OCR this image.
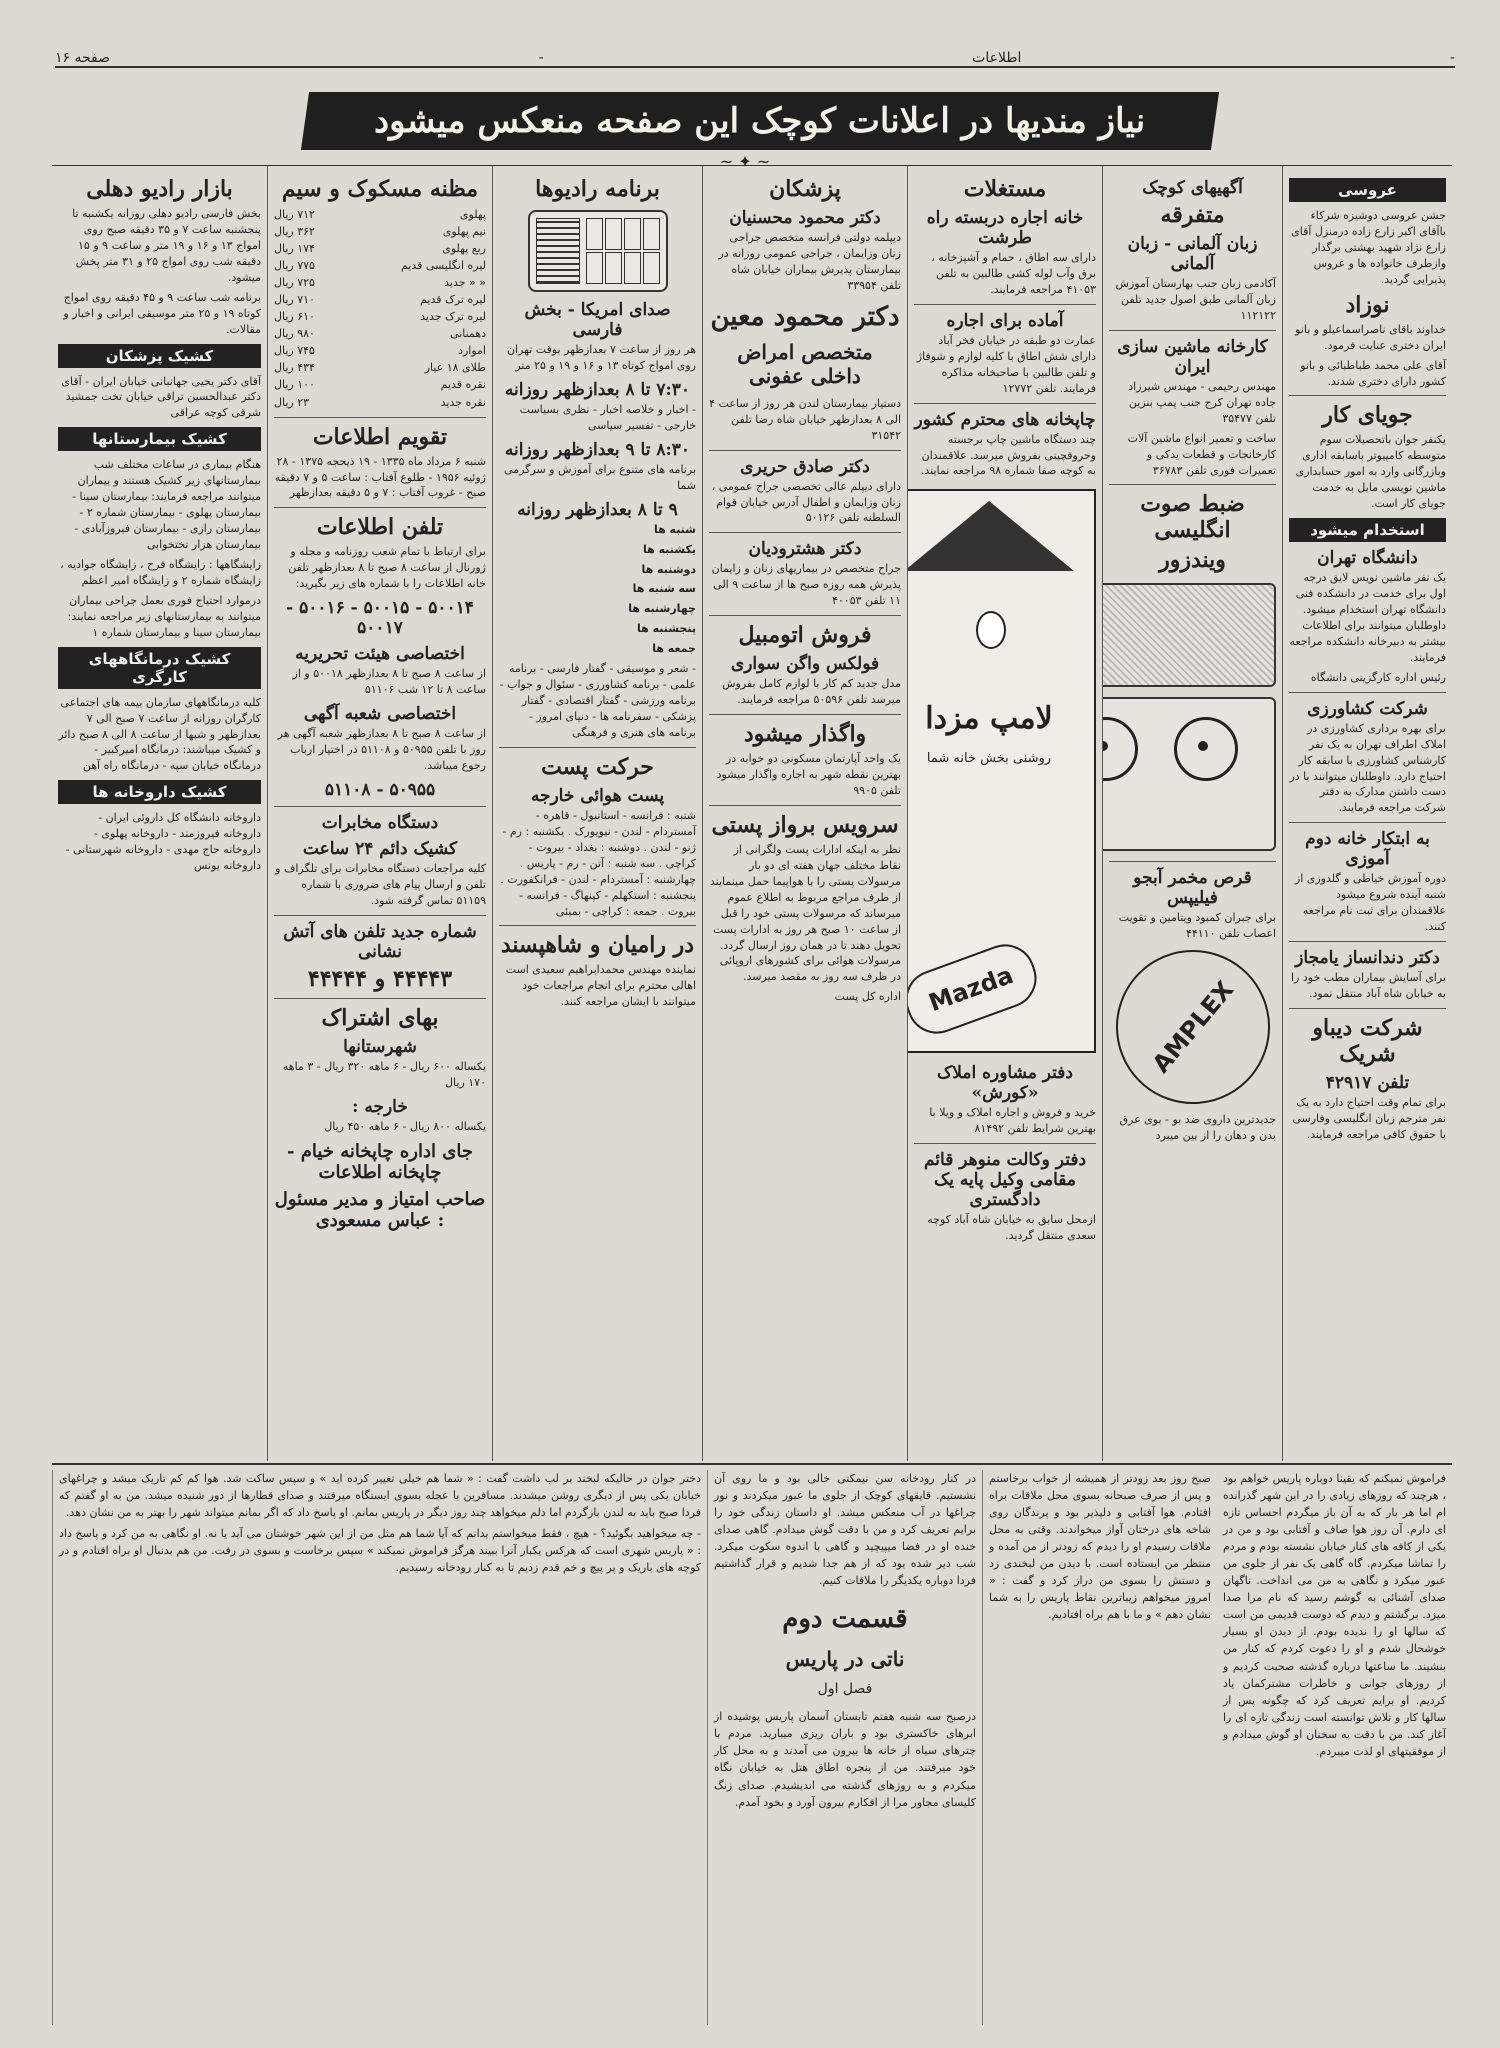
صفحه ۱۶	-	اطلاعات	-
نیاز مندیها در اعلانات کوچک این صفحه منعکس میشود
~ ✦ ~
عروسی

جشن عروسی دوشیزه شرکاء باآقای اکبر زارع زاده درمنزل آقای زارع نژاد شهید بهشتی برگذار وازطرف خانواده ها و عروس پذیرایی گردید.

نوزاد

خداوند باقای ناصراسماعیلو و بانو ایران دختری عنایت فرمود.

آقای علی محمد طباطبائی و بانو کشور دارای دختری شدند.

جویای کار

یکنفر جوان باتحصیلات سوم متوسطه کامپیوتر باسابقه اداری وبازرگانی وارد به امور حسابداری ماشین نویسی مایل به خدمت جویای کار است.

استخدام میشود
دانشگاه تهران

یک نفر ماشین نویس لایق درجه اول برای خدمت در دانشکده فنی دانشگاه تهران استخدام میشود. داوطلبان میتوانند برای اطلاعات بیشتر به دبیرخانه دانشکده مراجعه فرمایند.

رئیس اداره کارگزینی دانشگاه

شرکت کشاورزی

برای بهره برداری کشاورزی در املاک اطراف تهران به یک نفر کارشناس کشاورزی با سابقه کار احتیاج دارد. داوطلبان میتوانند با در دست داشتن مدارک به دفتر شرکت مراجعه فرمایند.

به ابتکار خانه دوم آموزی

دوره آموزش خیاطی و گلدوزی از شنبه آینده شروع میشود علاقمندان برای ثبت نام مراجعه کنند.

دکتر دندانساز یامجاز

برای آسایش بیماران مطب خود را به خیابان شاه آباد منتقل نمود.

شرکت دیباو شریک
تلفن ۴۲۹۱۷

برای تمام وقت احتیاج دارد به یک نفر مترجم زبان انگلیسی وفارسی با حقوق کافی مراجعه فرمایند.

آگهیهای کوچک
متفرقه
زبان آلمانی - زبان آلمانی

آکادمی زبان جنب بهارستان آموزش زبان آلمانی طبق اصول جدید تلفن ۱۱۲۱۲۲

کارخانه ماشین سازی ایران

مهندس رحیمی - مهندس شیرزاد جاده تهران کرج جنب پمپ بنزین تلفن ۳۵۴۷۷

ساخت و تعمیر انواع ماشین آلات کارخانجات و قطعات یدکی و تعمیرات فوری تلفن ۳۶۷۸۳

ضبط صوت انگلیسی
ویندزور
قرص مخمر آبجو فیلیپس

برای جبران کمبود ویتامین و تقویت اعصاب تلفن ۴۴۱۱۰

AMPLEX

جدیدترین داروی ضد بو - بوی عرق بدن و دهان را از بین میبرد

مستغلات
خانه اجاره دربسته راه طرشت

دارای سه اطاق ، حمام و آشپزخانه ، برق وآب لوله کشی طالبین به تلفن ۴۱۰۵۳ مراجعه فرمایند.

آماده برای اجاره

عمارت دو طبقه در خیابان فخر آباد دارای شش اطاق با کلیه لوازم و شوفاژ و تلفن طالبین با صاحبخانه مذاکره فرمایند. تلفن ۱۲۷۷۲

چاپخانه های محترم کشور

چند دستگاه ماشین چاپ برجسته وحروفچینی بفروش میرسد. علاقمندان به کوچه صفا شماره ۹۸ مراجعه نمایند.

لامپ مزدا
روشنی بخش خانه شما
Mazda
دفتر مشاوره املاک «کورش»

خرید و فروش و اجاره املاک و ویلا با بهترین شرایط تلفن ۸۱۴۹۲

دفتر وکالت منوهر قائم مقامی وکیل پایه یک دادگستری

ازمحل سابق به خیابان شاه آباد کوچه سعدی منتقل گردید.

پزشکان
دکتر محمود محسنیان

دیپلمه دولتی فرانسه متخصص جراحی زنان وزایمان ، جراحی عمومی روزانه در بیمارستان پذیرش بیماران خیابان شاه تلفن ۳۳۹۵۴

دکتر محمود معین
متخصص امراض داخلی عفونی

دستیار بیمارستان لندن هر روز از ساعت ۴ الی ۸ بعدازظهر خیابان شاه رضا تلفن ۳۱۵۴۲

دکتر صادق حریری

دارای دیپلم عالی تخصصی جراح عمومی ، زنان وزایمان و اطفال آدرس خیابان قوام السلطنه تلفن ۵۰۱۲۶

دکتر هشترودیان

جراح متخصص در بیماریهای زنان و زایمان پذیرش همه روزه صبح ها از ساعت ۹ الی ۱۱ تلفن ۴۰۰۵۳

فروش اتومبیل
فولکس واگن سواری

مدل جدید کم کار با لوازم کامل بفروش میرسد تلفن ۵۰۵۹۶ مراجعه فرمایند.

واگذار میشود

یک واحد آپارتمان مسکونی دو خوابه در بهترین نقطه شهر به اجاره واگذار میشود تلفن ۹۹۰۵

سرویس برواز پستی

نظر به اینکه ادارات پست ولگرانی از نقاط مختلف جهان هفته ای دو بار مرسولات پستی را با هواپیما حمل مینمایند از طرف مراجع مربوط به اطلاع عموم میرساند که مرسولات پستی خود را قبل از ساعت ۱۰ صبح هر روز به ادارات پست تحویل دهند تا در همان روز ارسال گردد. مرسولات هوائی برای کشورهای اروپائی در ظرف سه روز به مقصد میرسد.

اداره کل پست

برنامه رادیوها
صدای امریکا - بخش فارسی

هر روز از ساعت ۷ بعدازظهر بوقت تهران روی امواج کوتاه ۱۳ و ۱۶ و ۱۹ و ۲۵ متر

۷:۳۰ تا ۸ بعدازظهر روزانه

- اخبار و خلاصه اخبار - نظری بسیاست خارجی - تفسیر سیاسی

۸:۳۰ تا ۹ بعدازظهر روزانه

برنامه های متنوع برای آموزش و سرگرمی شما

۹ تا ۸ بعدازظهر روزانه

شنبه ها

یکشنبه ها

دوشنبه ها

سه شنبه ها

چهارشنبه ها

پنجشنبه ها

جمعه ها

- شعر و موسیقی - گفتار فارسی - برنامه علمی - برنامه کشاورزی - سئوال و جواب - برنامه ورزشی - گفتار اقتصادی - گفتار پزشکی - سفرنامه ها - دنیای امروز - برنامه های هنری و فرهنگی

حرکت پست
پست هوائی خارجه

شنبه : فرانسه - استانبول - قاهره - آمستردام - لندن - نیویورک . یکشنبه : رم - ژنو - لندن . دوشنبه : بغداد - بیروت - کراچی . سه شنبه : آتن - رم - پاریس . چهارشنبه : آمستردام - لندن - فرانکفورت . پنجشنبه : استکهلم - کپنهاگ - فرانسه - بیروت . جمعه : کراچی - بمبئی

در رامیان و شاهپسند

نماینده مهندس محمدابراهیم سعیدی است اهالی محترم برای انجام مراجعات خود میتوانند با ایشان مراجعه کنند.

مظنه مسکوک و سیم
پهلوی
۷۱۲ ریال
نیم پهلوی
۳۶۲ ریال
ربع پهلوی
۱۷۴ ریال
لیره انگلیسی قدیم
۷۷۵ ریال
« « جدید
۷۲۵ ریال
لیره ترک قدیم
۷۱۰ ریال
لیره ترک جدید
۶۱۰ ریال
دهمنانی
۹۸۰ ریال
اموارد
۷۴۵ ریال
طلای ۱۸ عیار
۴۳۴ ریال
نقره قدیم
۱۰۰ ریال
نقره جدید
۲۳ ریال
تقویم اطلاعات

شنبه ۶ مرداد ماه ۱۳۳۵ - ۱۹ ذیحجه ۱۳۷۵ - ۲۸ ژوئیه ۱۹۵۶ - طلوع آفتاب : ساعت ۵ و ۷ دقیقه صبح - غروب آفتاب : ۷ و ۵ دقیقه بعدازظهر

تلفن اطلاعات

برای ارتباط با تمام شعب روزنامه و مجله و ژورنال از ساعت ۸ صبح تا ۸ بعدازظهر تلفن خانه اطلاعات را با شماره های زیر بگیرید:

۵۰۰۱۴ - ۵۰۰۱۵ - ۵۰۰۱۶ - ۵۰۰۱۷
اختصاصی هیئت تحریریه

از ساعت ۸ صبح تا ۸ بعدازظهر ۵۰۰۱۸ و از ساعت ۸ تا ۱۲ شب ۵۱۱۰۶

اختصاصی شعبه آگهی

از ساعت ۸ صبح تا ۸ بعدازظهر شعبه آگهی هر روز با تلفن ۵۰۹۵۵ و ۵۱۱۰۸ در اختیار ارباب رجوع میباشد.

۵۰۹۵۵ - ۵۱۱۰۸
دستگاه مخابرات
کشیک دائم ۲۴ ساعت

کلیه مراجعات دستگاه مخابرات برای تلگراف و تلفن و ارسال پیام های ضروری با شماره ۵۱۱۵۹ تماس گرفته شود.

شماره جدید تلفن های آتش نشانی
۴۴۴۴۳ و ۴۴۴۴۴
بهای اشتراک
شهرستانها

یکساله ۶۰۰ ریال - ۶ ماهه ۳۲۰ ریال - ۳ ماهه ۱۷۰ ریال

خارجه :

یکساله ۸۰۰ ریال - ۶ ماهه ۴۵۰ ریال

جای اداره چاپخانه خیام - چاپخانه اطلاعات
صاحب امتیاز و مدیر مسئول : عباس مسعودی
بازار رادیو دهلی

بخش فارسی رادیو دهلی روزانه یکشنبه تا پنجشنبه ساعت ۷ و ۳۵ دقیقه صبح روی امواج ۱۳ و ۱۶ و ۱۹ متر و ساعت ۹ و ۱۵ دقیقه شب روی امواج ۲۵ و ۳۱ متر پخش میشود.

برنامه شب ساعت ۹ و ۴۵ دقیقه روی امواج کوتاه ۱۹ و ۲۵ متر موسیقی ایرانی و اخبار و مقالات.

کشیک پزشکان

آقای دکتر یحیی جهانبانی خیابان ایران - آقای دکتر عبدالحسین تراقی خیابان تخت جمشید شرقی کوچه عراقی

کشیک بیمارستانها

هنگام بیماری در ساعات مختلف شب بیمارستانهای زیر کشیک هستند و بیماران میتوانند مراجعه فرمایند: بیمارستان سینا - بیمارستان پهلوی - بیمارستان شماره ۲ - بیمارستان رازی - بیمارستان فیروزآبادی - بیمارستان هزار تختخوابی

زایشگاهها : زایشگاه فرح ، زایشگاه جوادیه ، زایشگاه شماره ۲ و زایشگاه امیر اعظم

درموارد احتیاج فوری بعمل جراحی بیماران میتوانند به بیمارستانهای زیر مراجعه نمایند: بیمارستان سینا و بیمارستان شماره ۱

کشیک درمانگاههای کارگری

کلیه درمانگاههای سازمان بیمه های اجتماعی کارگران روزانه از ساعت ۷ صبح الی ۷ بعدازظهر و شبها از ساعت ۸ الی ۸ صبح دائر و کشیک میباشند: درمانگاه امیرکبیر - درمانگاه خیابان سپه - درمانگاه راه آهن

کشیک داروخانه ها

داروخانه دانشگاه کل داروئی ایران - داروخانه فیروزمند - داروخانه پهلوی - داروخانه حاج مهدی - داروخانه شهرستانی - داروخانه یونس

فراموش نمیکنم که یقینا دوباره پاریس خواهم بود ، هرچند که روزهای زیادی را در این شهر گذرانده ام اما هر بار که به آن باز میگردم احساس تازه ای دارم. آن روز هوا صاف و آفتابی بود و من در یکی از کافه های کنار خیابان نشسته بودم و مردم را تماشا میکردم. گاه گاهی یک نفر از جلوی من عبور میکرد و نگاهی به من می انداخت. ناگهان صدای آشنائی به گوشم رسید که نام مرا صدا میزد. برگشتم و دیدم که دوست قدیمی من است که سالها او را ندیده بودم. از دیدن او بسیار خوشحال شدم و او را دعوت کردم که کنار من بنشیند. ما ساعتها درباره گذشته صحبت کردیم و از روزهای جوانی و خاطرات مشترکمان یاد کردیم. او برایم تعریف کرد که چگونه پس از سالها کار و تلاش توانسته است زندگی تازه ای را آغاز کند. من با دقت به سخنان او گوش میدادم و از موفقیتهای او لذت میبردم.

صبح روز بعد زودتر از همیشه از خواب برخاستم و پس از صرف صبحانه بسوی محل ملاقات براه افتادم. هوا آفتابی و دلپذیر بود و پرندگان روی شاخه های درختان آواز میخواندند. وقتی به محل ملاقات رسیدم او را دیدم که زودتر از من آمده و منتظر من ایستاده است. با دیدن من لبخندی زد و دستش را بسوی من دراز کرد و گفت : « امروز میخواهم زیباترین نقاط پاریس را به شما نشان دهم » و ما با هم براه افتادیم.

در کنار رودخانه سن نیمکتی خالی بود و ما روی آن نشستیم. قایقهای کوچک از جلوی ما عبور میکردند و نور چراغها در آب منعکس میشد. او داستان زندگی خود را برایم تعریف کرد و من با دقت گوش میدادم. گاهی صدای خنده او در فضا میپیچید و گاهی با اندوه سکوت میکرد. شب دیر شده بود که از هم جدا شدیم و قرار گذاشتیم فردا دوباره یکدیگر را ملاقات کنیم.

قسمت دوم
ناتی در پاریس
فصل اول

درصبح سه شنبه هفتم تابستان آسمان پاریس پوشیده از ابرهای خاکستری بود و باران ریزی میبارید. مردم با چترهای سیاه از خانه ها بیرون می آمدند و به محل کار خود میرفتند. من از پنجره اطاق هتل به خیابان نگاه میکردم و به روزهای گذشته می اندیشیدم. صدای زنگ کلیسای مجاور مرا از افکارم بیرون آورد و بخود آمدم.

دختر جوان در حالیکه لبخند بر لب داشت گفت : « شما هم خیلی تغییر کرده اید » و سپس ساکت شد. هوا کم کم تاریک میشد و چراغهای خیابان یکی پس از دیگری روشن میشدند. مسافرین با عجله بسوی ایستگاه میرفتند و صدای قطارها از دور شنیده میشد. من به او گفتم که فردا صبح باید به لندن بازگردم اما دلم میخواهد چند روز دیگر در پاریس بمانم. او پاسخ داد که اگر بمانم میتواند شهر را بهتر به من نشان دهد.

- چه میخواهید بگوئید؟ - هیچ ، فقط میخواستم بدانم که آیا شما هم مثل من از این شهر خوشتان می آید یا نه. او نگاهی به من کرد و پاسخ داد : « پاریس شهری است که هرکس یکبار آنرا ببیند هرگز فراموش نمیکند » سپس برخاست و بسوی در رفت. من هم بدنبال او براه افتادم و در کوچه های باریک و پر پیچ و خم قدم زدیم تا به کنار رودخانه رسیدیم.
